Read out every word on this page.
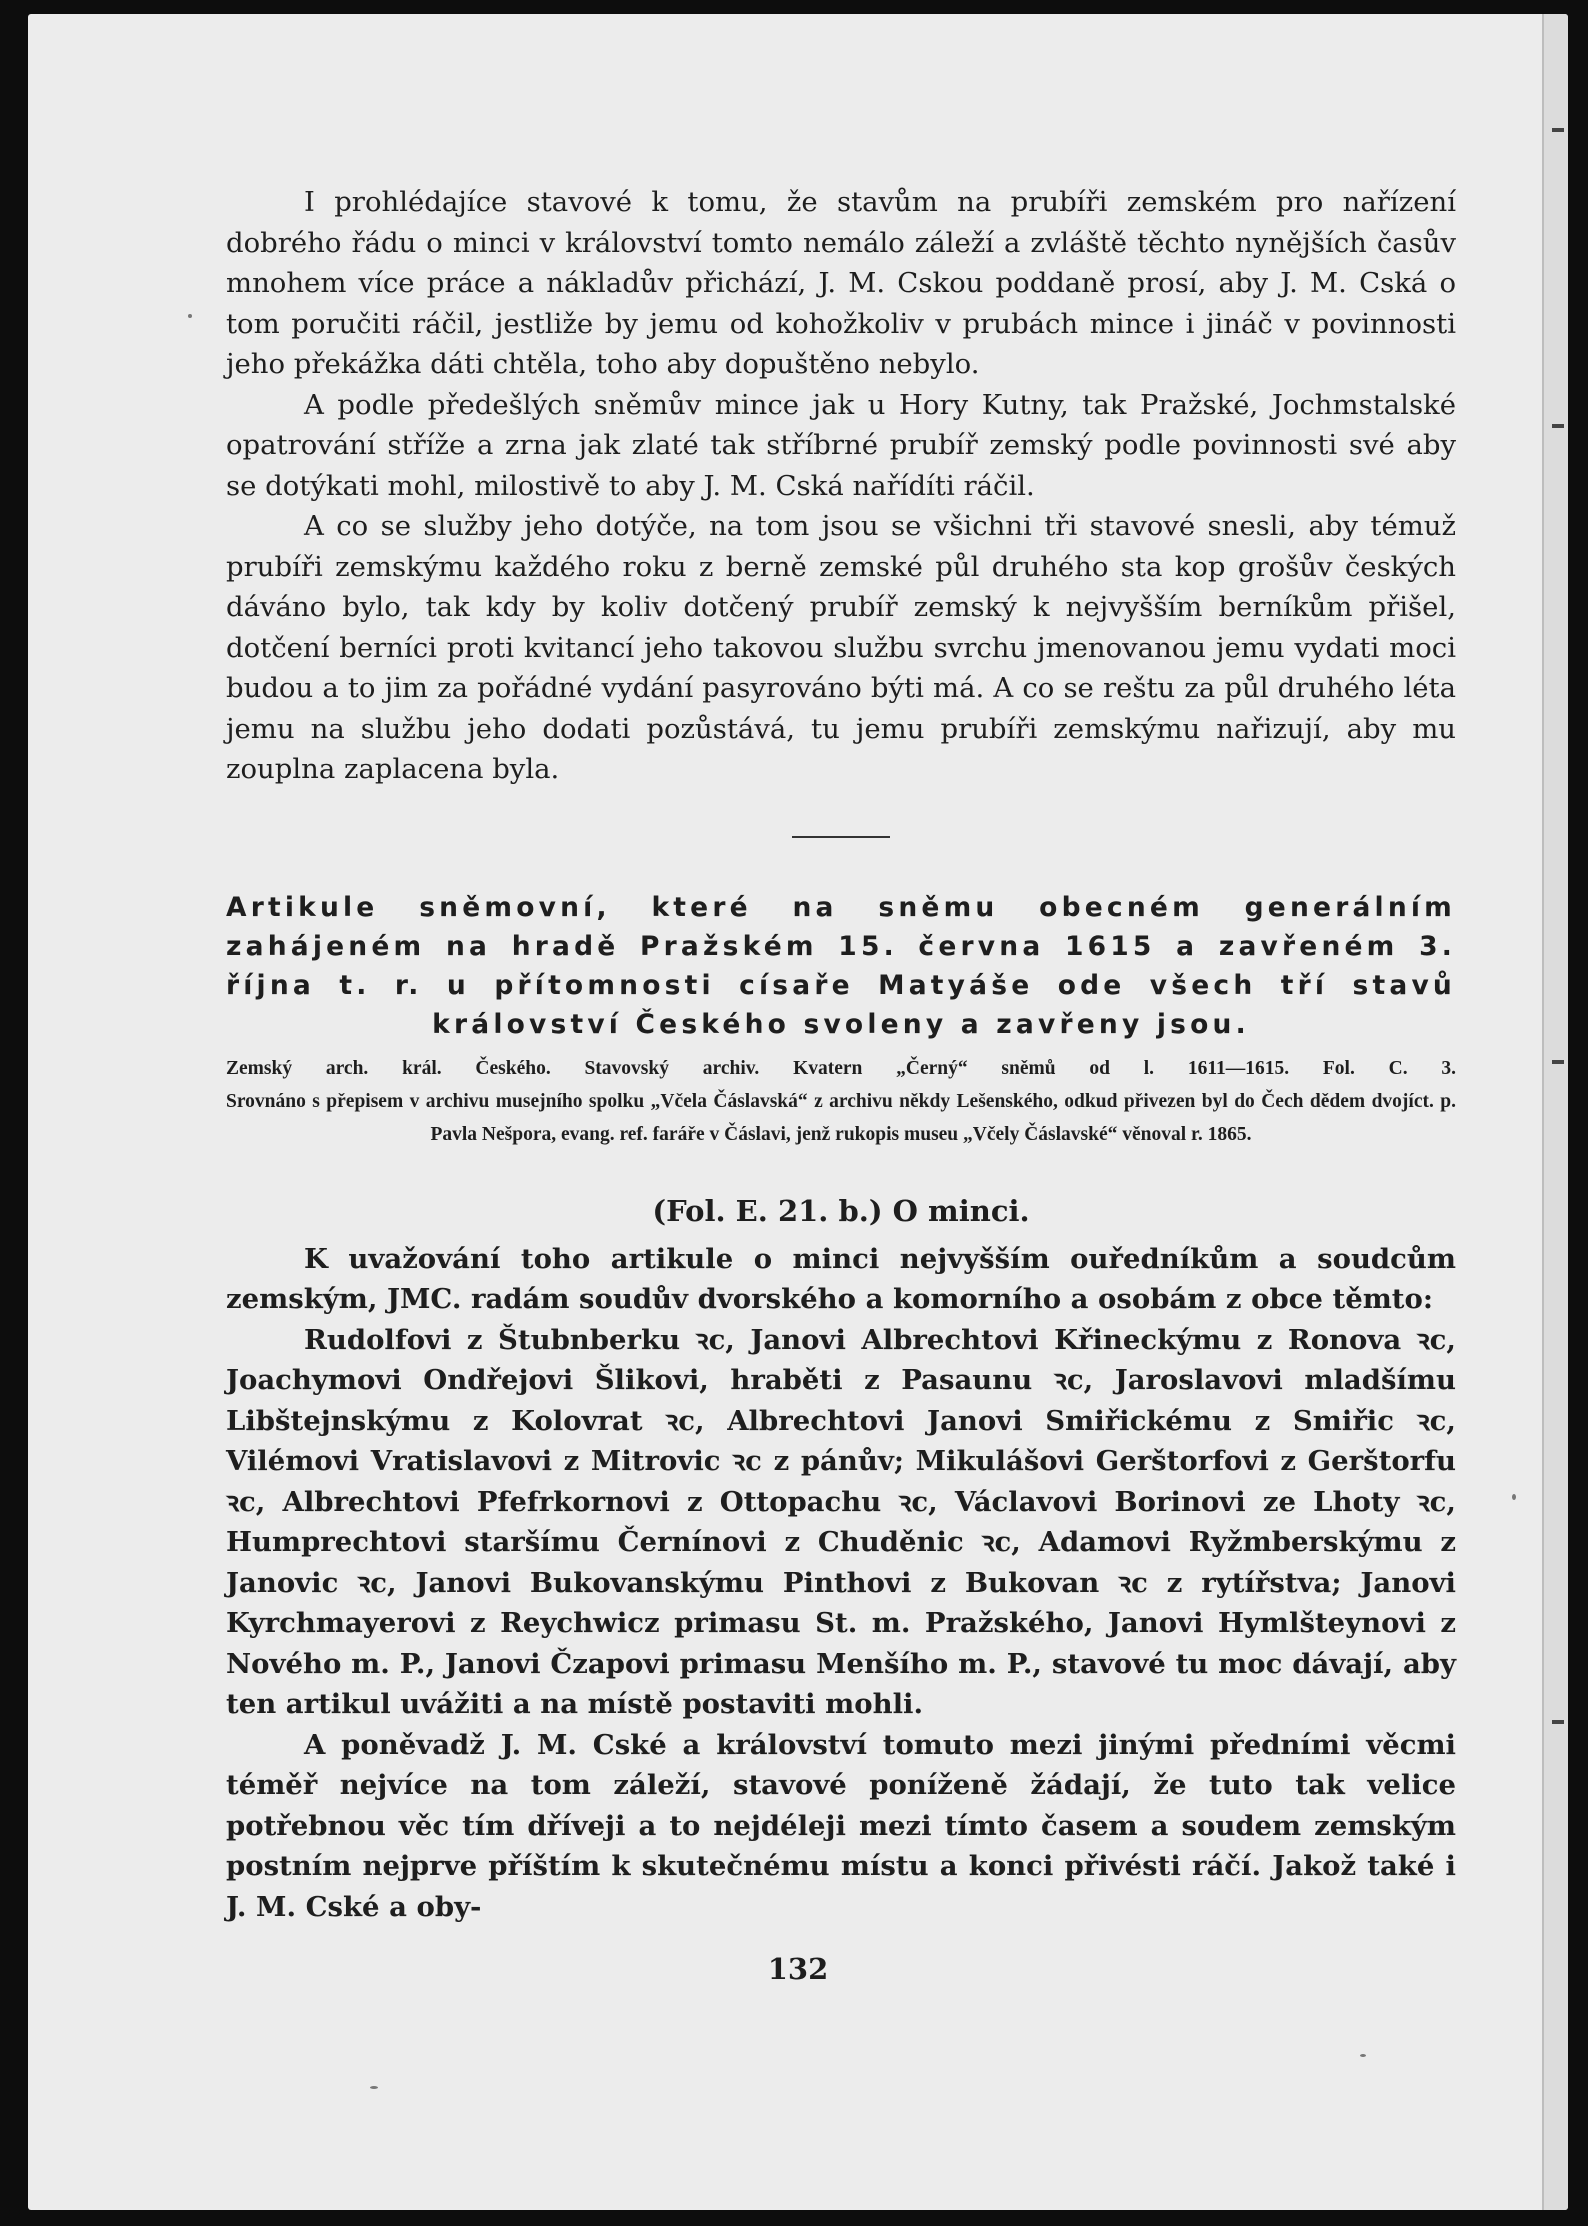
I prohlédajíce stavové k tomu, že stavům na prubíři zemském pro nařízení dobrého řádu o minci v království tomto nemálo záleží a zvláště těchto nynějších časův mnohem více práce a nákladův přichází, J. M. Cskou poddaně prosí, aby J. M. Cská o tom poručiti ráčil, jestliže by jemu od kohožkoliv v prubách mince i jináč v povinnosti jeho překážka dáti chtěla, toho aby dopuštěno nebylo.

A podle předešlých sněmův mince jak u Hory Kutny, tak Pražské, Jochmstalské opatrování stříže a zrna jak zlaté tak stříbrné prubíř zemský podle povinnosti své aby se dotýkati mohl, milostivě to aby J. M. Cská nařídíti ráčil.

A co se služby jeho dotýče, na tom jsou se všichni tři stavové snesli, aby témuž prubíři zemskýmu každého roku z berně zemské půl druhého sta kop grošův českých dáváno bylo, tak kdy by koliv dotčený prubíř zemský k nejvyšším berníkům přišel, dotčení berníci proti kvitancí jeho takovou službu svrchu jmenovanou jemu vydati moci budou a to jim za pořádné vydání pasyrováno býti má. A co se reštu za půl druhého léta jemu na službu jeho dodati pozůstává, tu jemu prubíři zemskýmu nařizují, aby mu zouplna zaplacena byla.

Artikule sněmovní, které na sněmu obecném generálním zahájeném na hradě Pražském 15. června 1615 a zavřeném 3. října t. r. u přítomnosti císaře Matyáše ode všech tří stavů království Českého svoleny a zavřeny jsou.

Zemský arch. král. Českého. Stavovský archiv. Kvatern „Černý“ sněmů od l. 1611—1615. Fol. C. 3.
Srovnáno s přepisem v archivu musejního spolku „Včela Čáslavská“ z archivu někdy Lešenského, odkud přivezen byl do Čech dědem dvojíct. p. Pavla Nešpora, evang. ref. faráře v Čáslavi, jenž rukopis museu „Včely Čáslavské“ věnoval r. 1865.

(Fol. E. 21. b.) O minci.

K uvažování toho artikule o minci nejvyšším ouředníkům a soudcům zemským, JMC. radám soudův dvorského a komorního a osobám z obce těmto:

Rudolfovi z Štubnberku ꝛc, Janovi Albrechtovi Křineckýmu z Ronova ꝛc, Joachymovi Ondřejovi Šlikovi, hraběti z Pasaunu ꝛc, Jaroslavovi mladšímu Libštejnskýmu z Kolovrat ꝛc, Albrechtovi Janovi Smiřickému z Smiřic ꝛc, Vilémovi Vratislavovi z Mitrovic ꝛc z pánův; Mikulášovi Gerštorfovi z Gerštorfu ꝛc, Albrechtovi Pfefrkornovi z Ottopachu ꝛc, Václavovi Borinovi ze Lhoty ꝛc, Humprechtovi staršímu Černínovi z Chuděnic ꝛc, Adamovi Ryžmberskýmu z Janovic ꝛc, Janovi Bukovanskýmu Pinthovi z Bukovan ꝛc z rytířstva; Janovi Kyrchmayerovi z Reychwicz primasu St. m. Pražského, Janovi Hymlšteynovi z Nového m. P., Janovi Čzapovi primasu Menšího m. P., stavové tu moc dávají, aby ten artikul uvážiti a na místě postaviti mohli.

A poněvadž J. M. Cské a království tomuto mezi jinými předními věcmi téměř nejvíce na tom záleží, stavové poníženě žádají, že tuto tak velice potřebnou věc tím dříveji a to nejdéleji mezi tímto časem a soudem zemským postním nejprve příštím k skutečnému místu a konci přivésti ráčí. Jakož také i J. M. Cské a oby-

132
